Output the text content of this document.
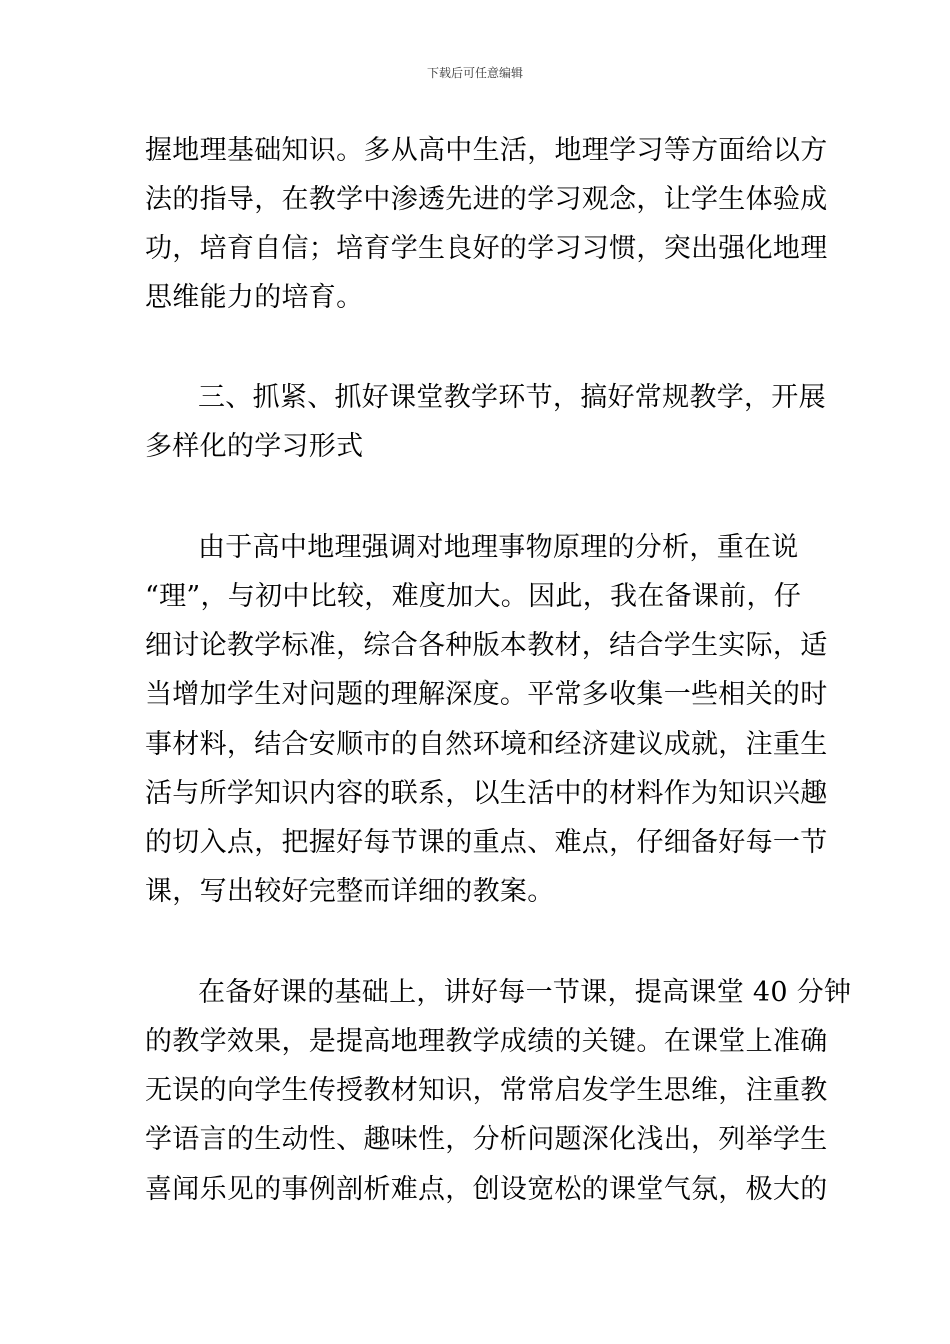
下载后可任意编辑
握地理基础知识。多从高中生活，地理学习等方面给以方
法的指导，在教学中渗透先进的学习观念，让学生体验成
功，培育自信；培育学生良好的学习习惯，突出强化地理
思维能力的培育。
三、抓紧、抓好课堂教学环节，搞好常规教学，开展
多样化的学习形式
由于高中地理强调对地理事物原理的分析，重在说
“理”，与初中比较，难度加大。因此，我在备课前，仔
细讨论教学标准，综合各种版本教材，结合学生实际，适
当增加学生对问题的理解深度。平常多收集一些相关的时
事材料，结合安顺市的自然环境和经济建议成就，注重生
活与所学知识内容的联系，以生活中的材料作为知识兴趣
的切入点，把握好每节课的重点、难点，仔细备好每一节
课，写出较好完整而详细的教案。
在备好课的基础上，讲好每一节课，提高课堂 40 分钟
的教学效果，是提高地理教学成绩的关键。在课堂上准确
无误的向学生传授教材知识，常常启发学生思维，注重教
学语言的生动性、趣味性，分析问题深化浅出，列举学生
喜闻乐见的事例剖析难点，创设宽松的课堂气氛，极大的
